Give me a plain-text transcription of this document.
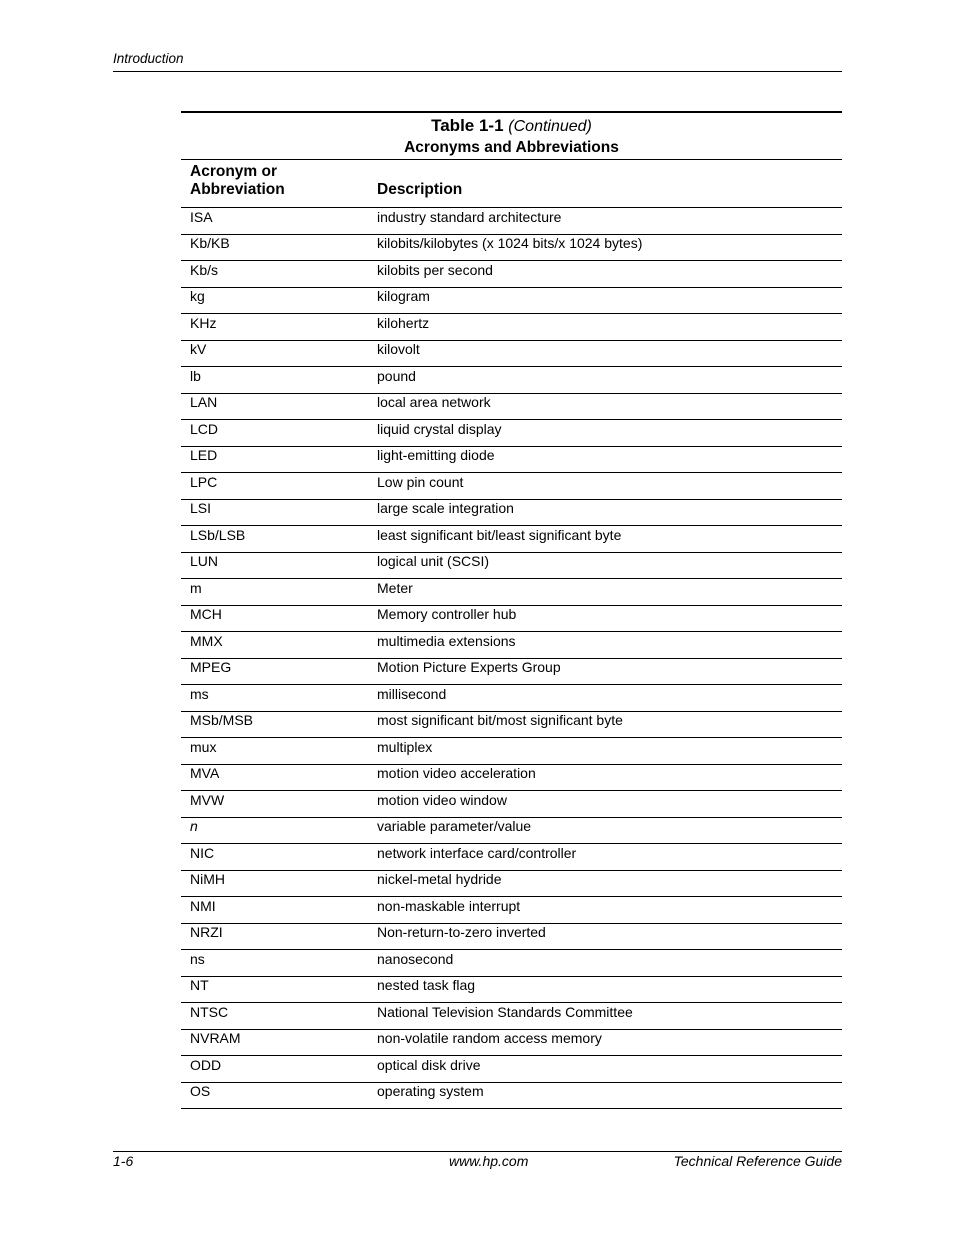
Introduction
Table 1-1 (Continued)
Acronyms and Abbreviations
Acronym or
Abbreviation	Description
ISA	industry standard architecture
Kb/KB	kilobits/kilobytes (x 1024 bits/x 1024 bytes)
Kb/s	kilobits per second
kg	kilogram
KHz	kilohertz
kV	kilovolt
lb	pound
LAN	local area network
LCD	liquid crystal display
LED	light-emitting diode
LPC	Low pin count
LSI	large scale integration
LSb/LSB	least significant bit/least significant byte
LUN	logical unit (SCSI)
m	Meter
MCH	Memory controller hub
MMX	multimedia extensions
MPEG	Motion Picture Experts Group
ms	millisecond
MSb/MSB	most significant bit/most significant byte
mux	multiplex
MVA	motion video acceleration
MVW	motion video window
n	variable parameter/value
NIC	network interface card/controller
NiMH	nickel-metal hydride
NMI	non-maskable interrupt
NRZI	Non-return-to-zero inverted
ns	nanosecond
NT	nested task flag
NTSC	National Television Standards Committee
NVRAM	non-volatile random access memory
ODD	optical disk drive
OS	operating system
1-6	www.hp.com	Technical Reference Guide
